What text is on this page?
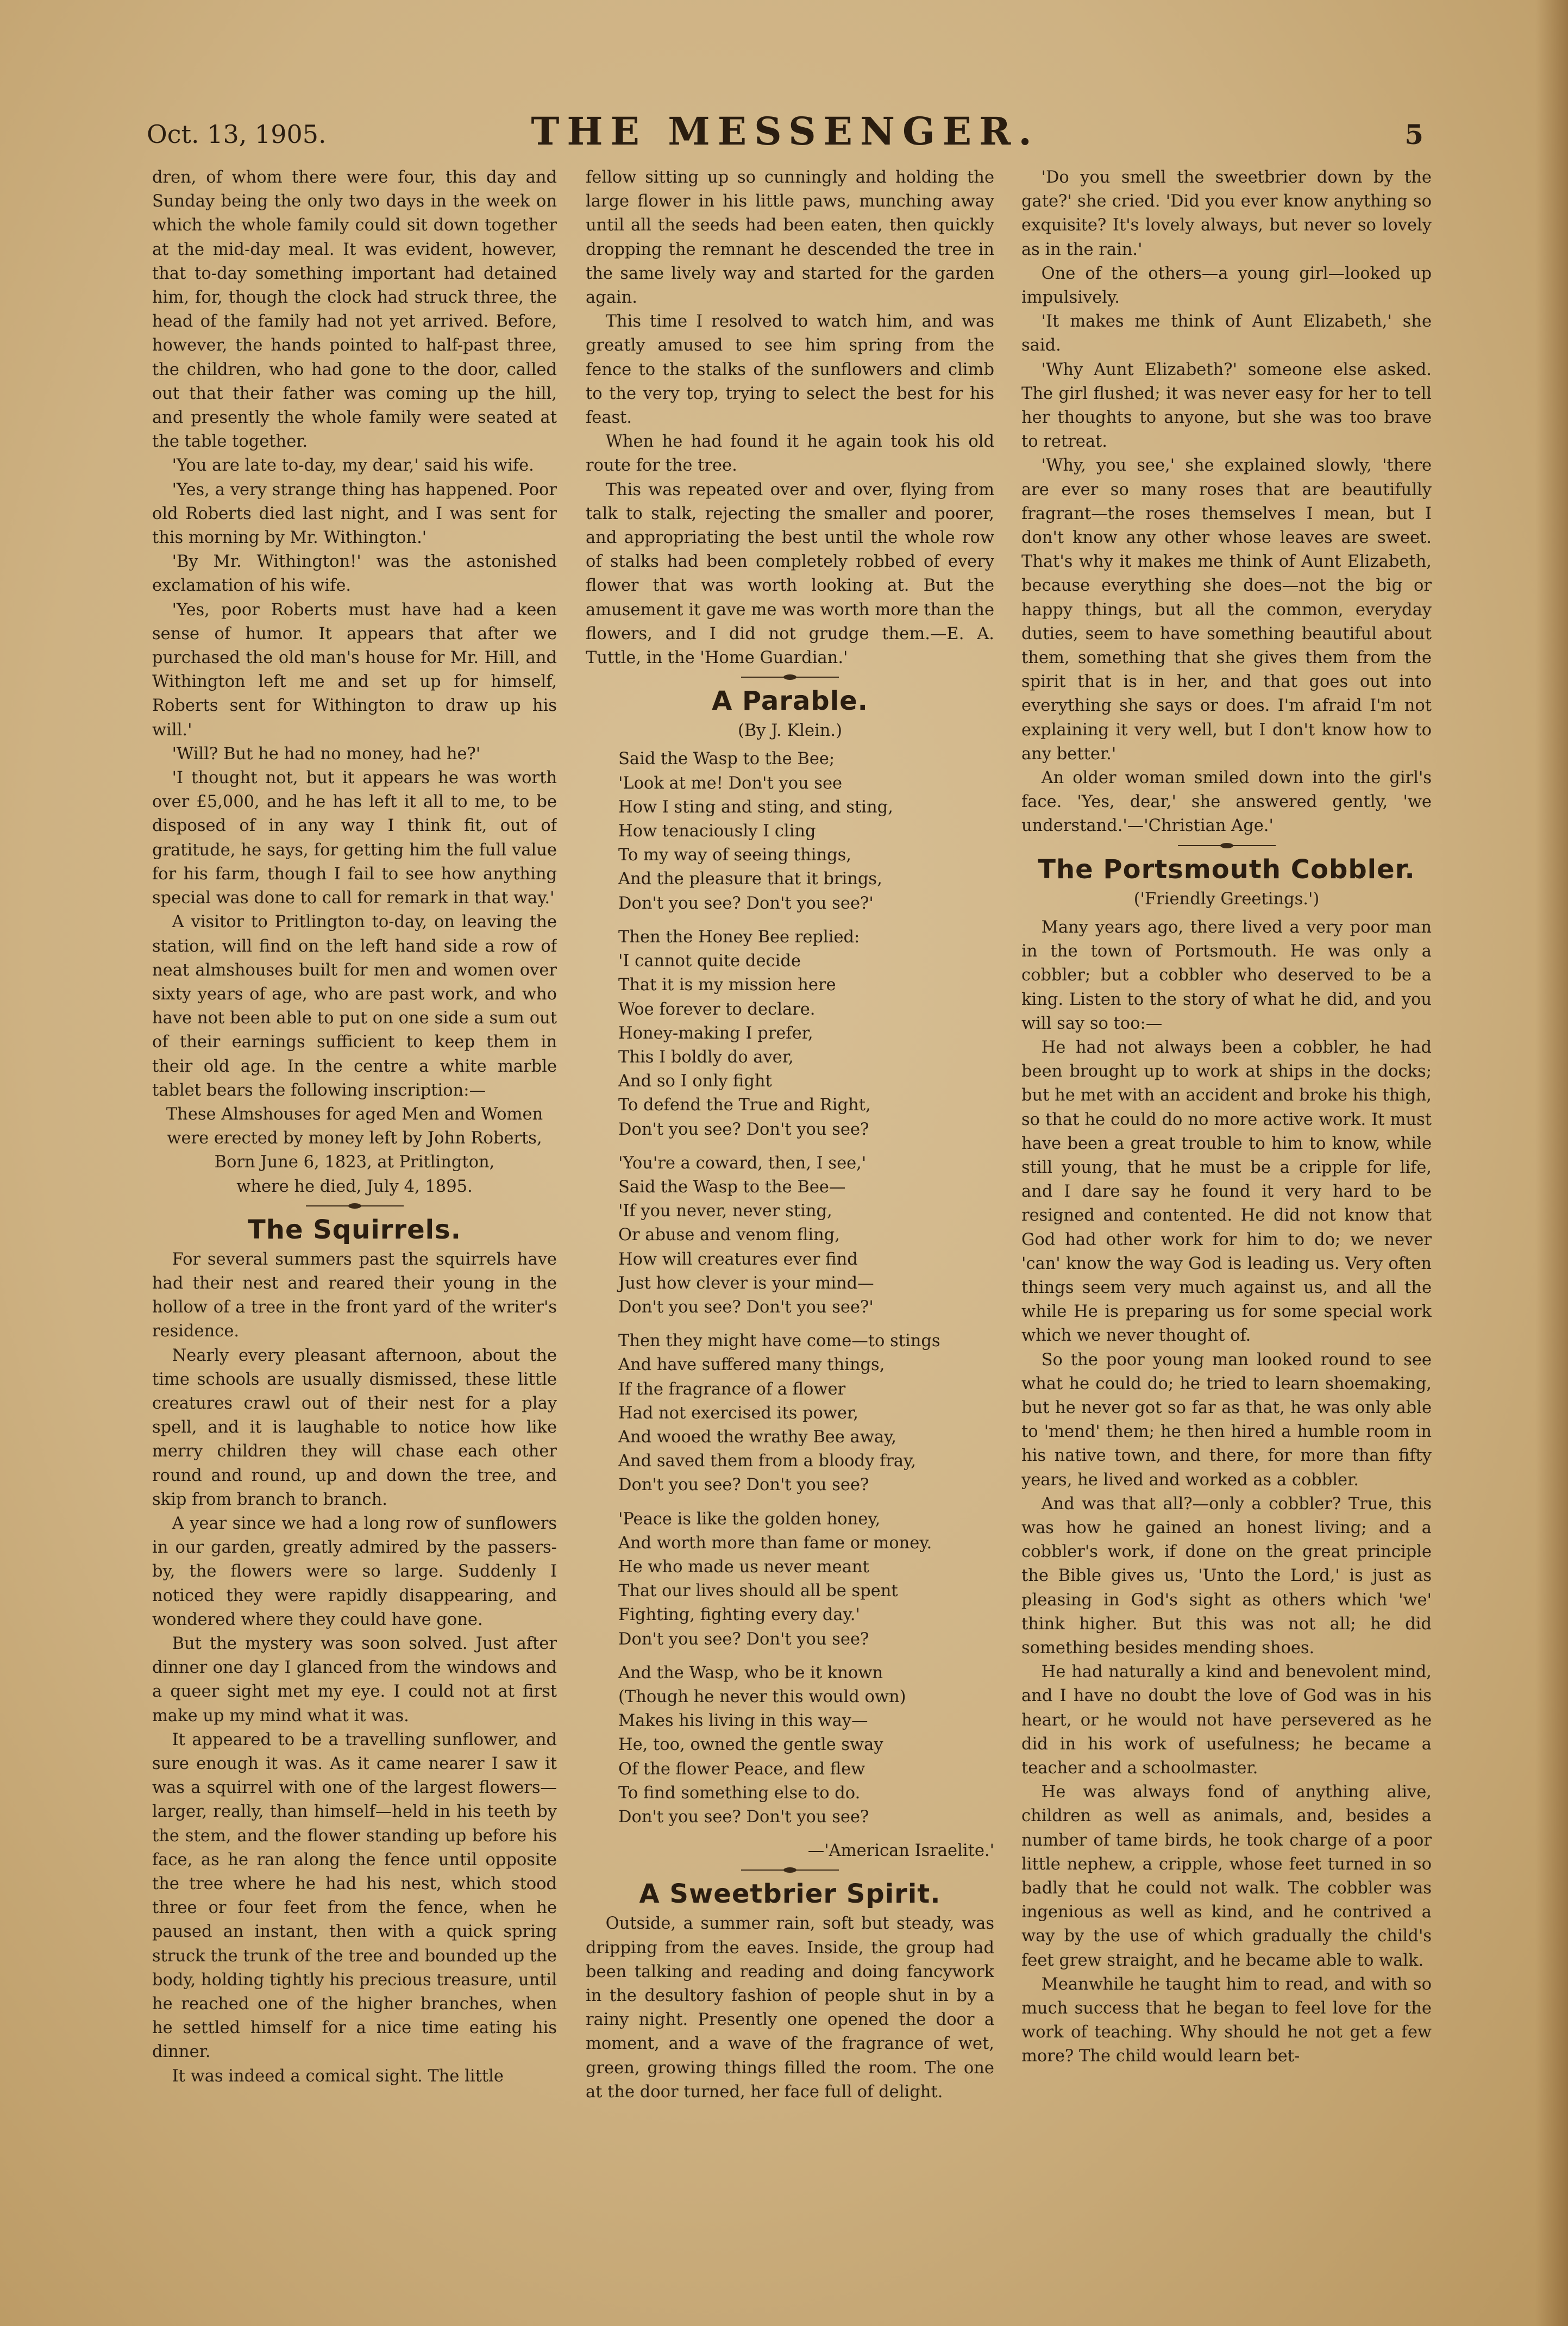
Oct. 13, 1905.	THE MESSENGER.	5

dren, of whom there were four, this day and Sunday being the only two days in the week on which the whole family could sit down together at the mid-day meal. It was evident, however, that to-day something important had detained him, for, though the clock had struck three, the head of the family had not yet arrived. Before, however, the hands pointed to half-past three, the children, who had gone to the door, called out that their father was coming up the hill, and presently the whole family were seated at the table together.

'You are late to-day, my dear,' said his wife.

'Yes, a very strange thing has happened. Poor old Roberts died last night, and I was sent for this morning by Mr. Withington.'

'By Mr. Withington!' was the astonished exclamation of his wife.

'Yes, poor Roberts must have had a keen sense of humor. It appears that after we purchased the old man's house for Mr. Hill, and Withington left me and set up for himself, Roberts sent for Withington to draw up his will.'

'Will? But he had no money, had he?'

'I thought not, but it appears he was worth over £5,000, and he has left it all to me, to be disposed of in any way I think fit, out of gratitude, he says, for getting him the full value for his farm, though I fail to see how anything special was done to call for remark in that way.'

A visitor to Pritlington to-day, on leaving the station, will find on the left hand side a row of neat almshouses built for men and women over sixty years of age, who are past work, and who have not been able to put on one side a sum out of their earnings sufficient to keep them in their old age. In the centre a white marble tablet bears the following inscription:—

These Almshouses for aged Men and Women
were erected by money left by John Roberts,
Born June 6, 1823, at Pritlington,
where he died, July 4, 1895.
The Squirrels.

For several summers past the squirrels have had their nest and reared their young in the hollow of a tree in the front yard of the writer's residence.

Nearly every pleasant afternoon, about the time schools are usually dismissed, these little creatures crawl out of their nest for a play spell, and it is laughable to notice how like merry children they will chase each other round and round, up and down the tree, and skip from branch to branch.

A year since we had a long row of sunflowers in our garden, greatly admired by the passers-by, the flowers were so large. Suddenly I noticed they were rapidly disappearing, and wondered where they could have gone.

But the mystery was soon solved. Just after dinner one day I glanced from the windows and a queer sight met my eye. I could not at first make up my mind what it was.

It appeared to be a travelling sunflower, and sure enough it was. As it came nearer I saw it was a squirrel with one of the largest flowers—larger, really, than himself—held in his teeth by the stem, and the flower standing up before his face, as he ran along the fence until opposite the tree where he had his nest, which stood three or four feet from the fence, when he paused an instant, then with a quick spring struck the trunk of the tree and bounded up the body, holding tightly his precious treasure, until he reached one of the higher branches, when he settled himself for a nice time eating his dinner.

It was indeed a comical sight. The little

fellow sitting up so cunningly and holding the large flower in his little paws, munching away until all the seeds had been eaten, then quickly dropping the remnant he descended the tree in the same lively way and started for the garden again.

This time I resolved to watch him, and was greatly amused to see him spring from the fence to the stalks of the sunflowers and climb to the very top, trying to select the best for his feast.

When he had found it he again took his old route for the tree.

This was repeated over and over, flying from talk to stalk, rejecting the smaller and poorer, and appropriating the best until the whole row of stalks had been completely robbed of every flower that was worth looking at. But the amusement it gave me was worth more than the flowers, and I did not grudge them.—E. A. Tuttle, in the 'Home Guardian.'

A Parable.

(By J. Klein.)

Said the Wasp to the Bee;
'Look at me! Don't you see
How I sting and sting, and sting,
How tenaciously I cling
To my way of seeing things,
And the pleasure that it brings,
Don't you see? Don't you see?'
Then the Honey Bee replied:
'I cannot quite decide
That it is my mission here
Woe forever to declare.
Honey-making I prefer,
This I boldly do aver,
And so I only fight
To defend the True and Right,
Don't you see? Don't you see?
'You're a coward, then, I see,'
Said the Wasp to the Bee—
'If you never, never sting,
Or abuse and venom fling,
How will creatures ever find
Just how clever is your mind—
Don't you see? Don't you see?'
Then they might have come—to stings
And have suffered many things,
If the fragrance of a flower
Had not exercised its power,
And wooed the wrathy Bee away,
And saved them from a bloody fray,
Don't you see? Don't you see?
'Peace is like the golden honey,
And worth more than fame or money.
He who made us never meant
That our lives should all be spent
Fighting, fighting every day.'
Don't you see? Don't you see?
And the Wasp, who be it known
(Though he never this would own)
Makes his living in this way—
He, too, owned the gentle sway
Of the flower Peace, and flew
To find something else to do.
Don't you see? Don't you see?

—'American Israelite.'

A Sweetbrier Spirit.

Outside, a summer rain, soft but steady, was dripping from the eaves. Inside, the group had been talking and reading and doing fancywork in the desultory fashion of people shut in by a rainy night. Presently one opened the door a moment, and a wave of the fragrance of wet, green, growing things filled the room. The one at the door turned, her face full of delight.

'Do you smell the sweetbrier down by the gate?' she cried. 'Did you ever know anything so exquisite? It's lovely always, but never so lovely as in the rain.'

One of the others—a young girl—looked up impulsively.

'It makes me think of Aunt Elizabeth,' she said.

'Why Aunt Elizabeth?' someone else asked. The girl flushed; it was never easy for her to tell her thoughts to anyone, but she was too brave to retreat.

'Why, you see,' she explained slowly, 'there are ever so many roses that are beautifully fragrant—the roses themselves I mean, but I don't know any other whose leaves are sweet. That's why it makes me think of Aunt Elizabeth, because everything she does—not the big or happy things, but all the common, everyday duties, seem to have something beautiful about them, something that she gives them from the spirit that is in her, and that goes out into everything she says or does. I'm afraid I'm not explaining it very well, but I don't know how to any better.'

An older woman smiled down into the girl's face. 'Yes, dear,' she answered gently, 'we understand.'—'Christian Age.'

The Portsmouth Cobbler.

('Friendly Greetings.')

Many years ago, there lived a very poor man in the town of Portsmouth. He was only a cobbler; but a cobbler who deserved to be a king. Listen to the story of what he did, and you will say so too:—

He had not always been a cobbler, he had been brought up to work at ships in the docks; but he met with an accident and broke his thigh, so that he could do no more active work. It must have been a great trouble to him to know, while still young, that he must be a cripple for life, and I dare say he found it very hard to be resigned and contented. He did not know that God had other work for him to do; we never 'can' know the way God is leading us. Very often things seem very much against us, and all the while He is preparing us for some special work which we never thought of.

So the poor young man looked round to see what he could do; he tried to learn shoemaking, but he never got so far as that, he was only able to 'mend' them; he then hired a humble room in his native town, and there, for more than fifty years, he lived and worked as a cobbler.

And was that all?—only a cobbler? True, this was how he gained an honest living; and a cobbler's work, if done on the great principle the Bible gives us, 'Unto the Lord,' is just as pleasing in God's sight as others which 'we' think higher. But this was not all; he did something besides mending shoes.

He had naturally a kind and benevolent mind, and I have no doubt the love of God was in his heart, or he would not have persevered as he did in his work of usefulness; he became a teacher and a schoolmaster.

He was always fond of anything alive, children as well as animals, and, besides a number of tame birds, he took charge of a poor little nephew, a cripple, whose feet turned in so badly that he could not walk. The cobbler was ingenious as well as kind, and he contrived a way by the use of which gradually the child's feet grew straight, and he became able to walk.

Meanwhile he taught him to read, and with so much success that he began to feel love for the work of teaching. Why should he not get a few more? The child would learn bet-
